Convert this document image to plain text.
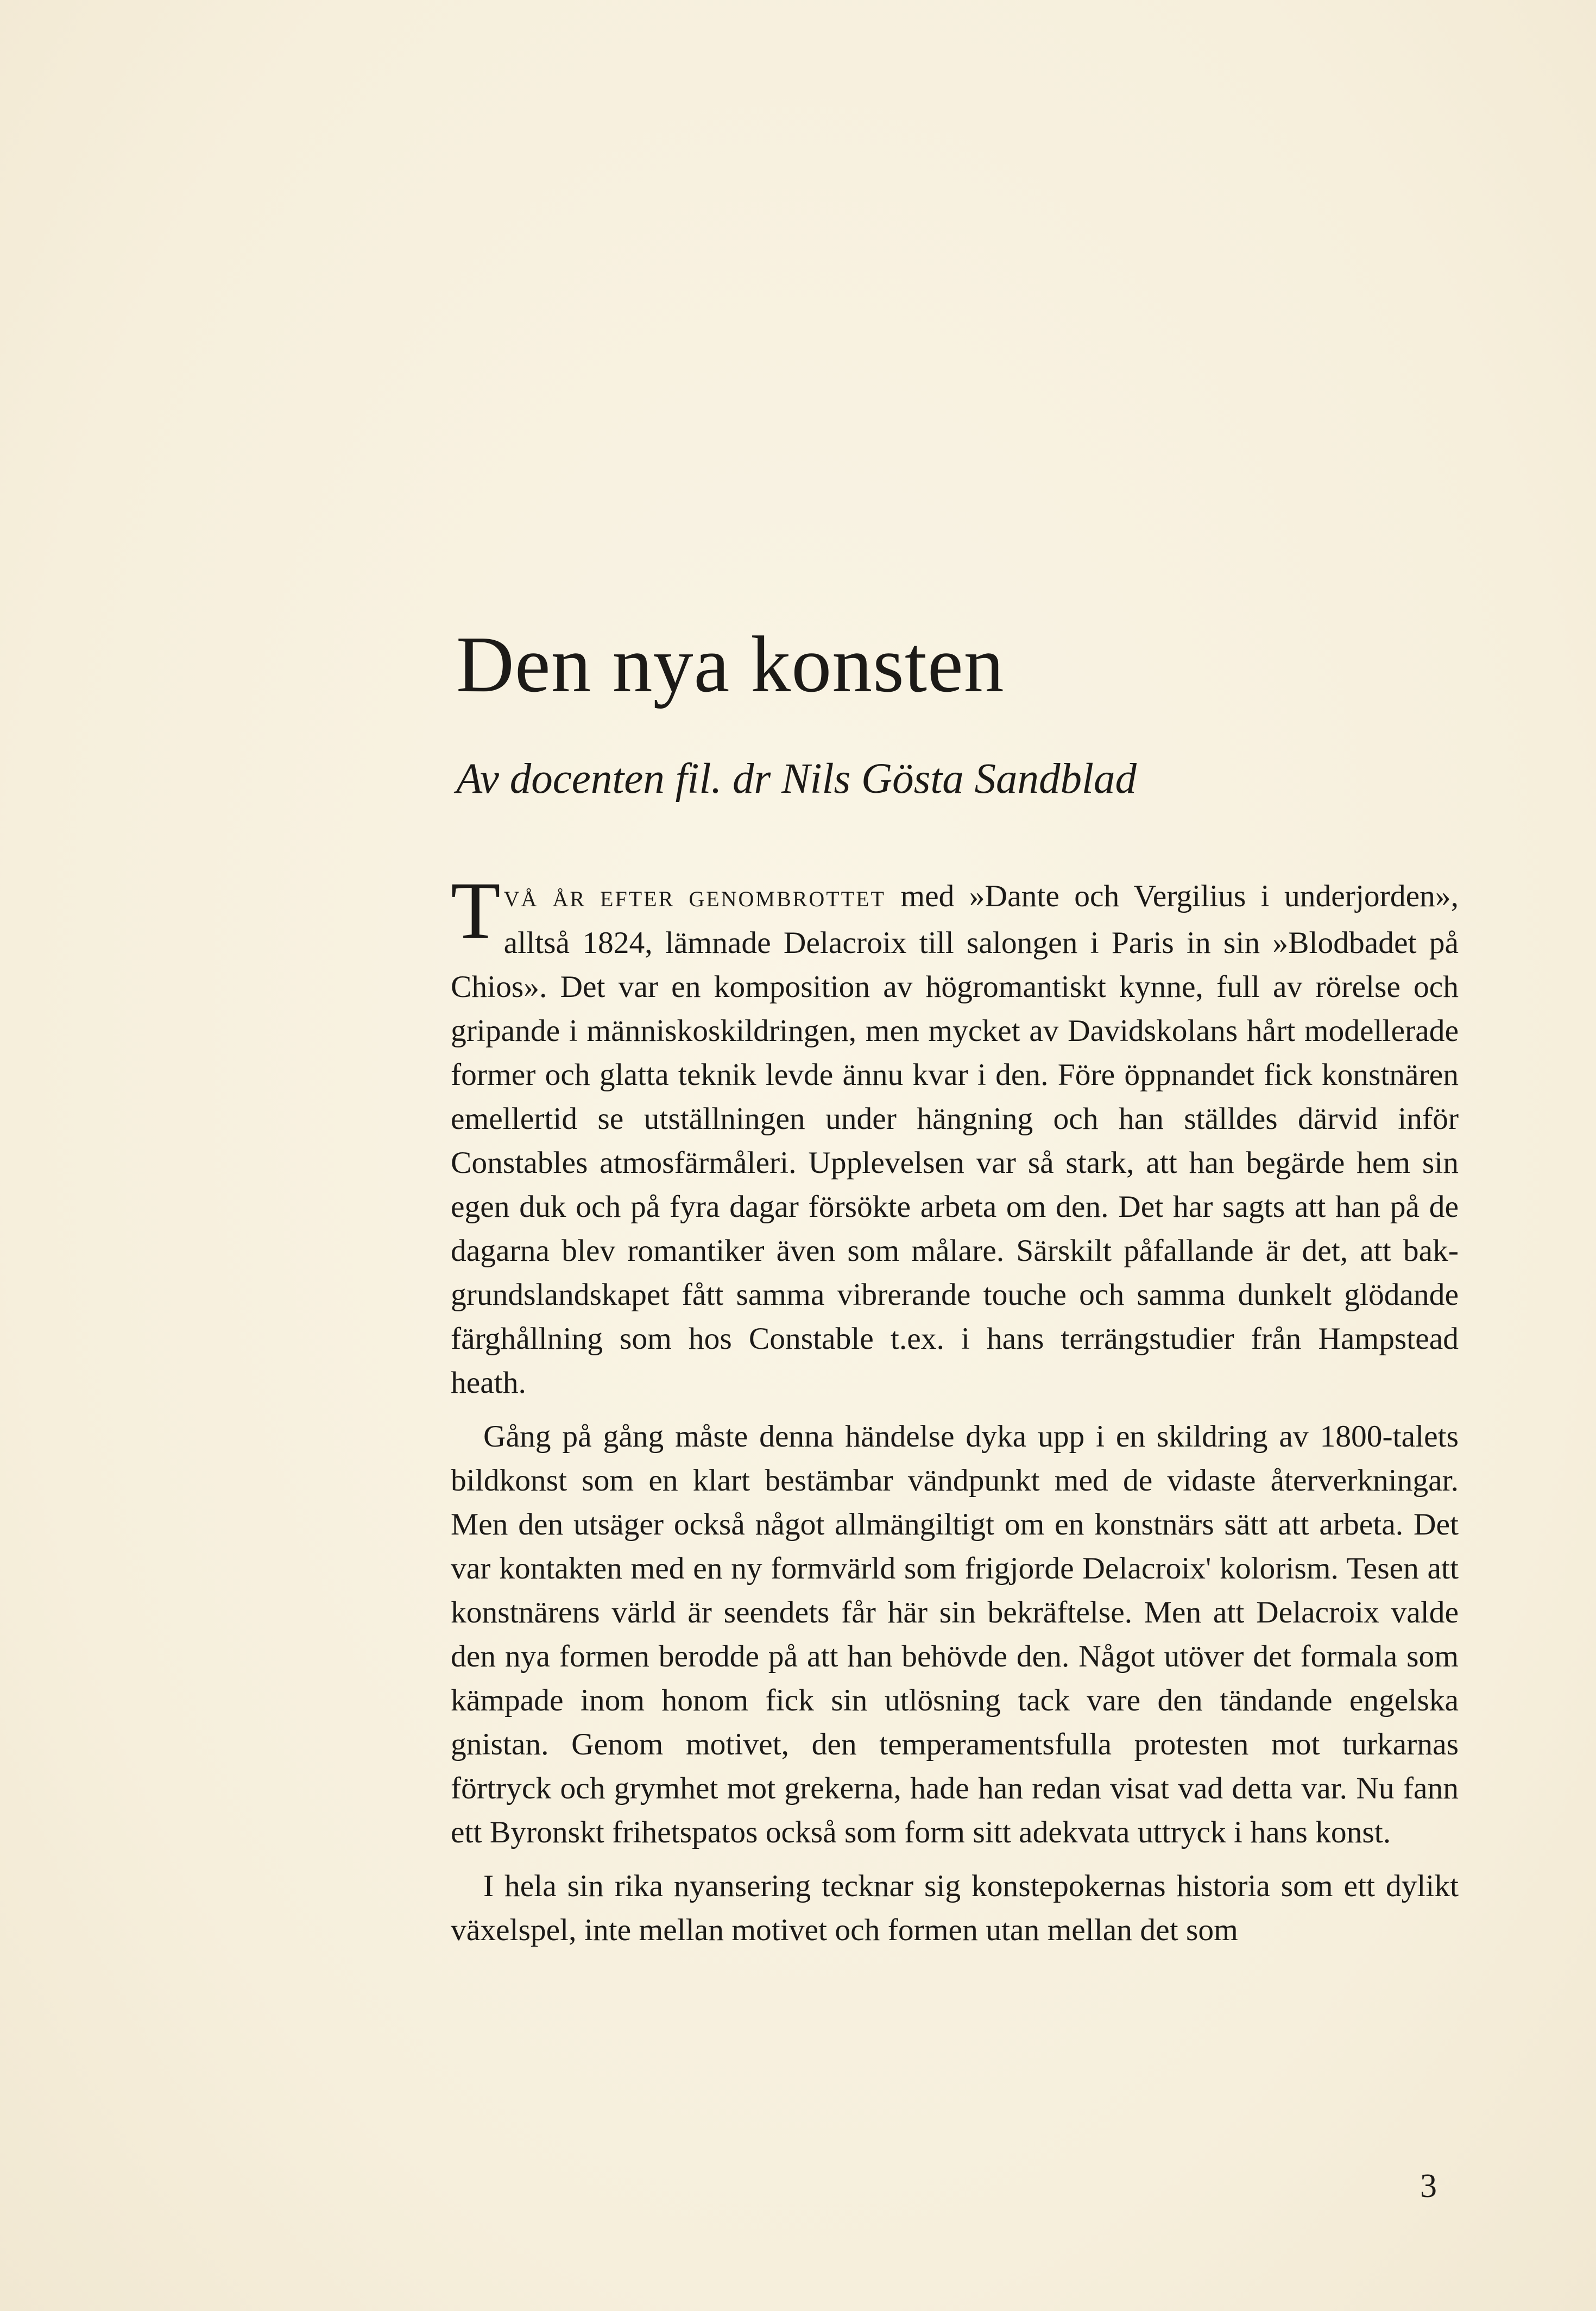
Den nya konsten
Av docenten fil. dr Nils Gösta Sandblad

TVÅ ÅR EFTER GENOMBROTTET med »Dante och Vergilius i underjorden», alltså 1824, lämnade Delacroix till salongen i Paris in sin »Blodbadet på Chios». Det var en komposition av högromantiskt kynne, full av rörelse och gripande i människoskildringen, men mycket av Davidskolans hårt modellerade former och glatta teknik levde ännu kvar i den. Före öppnandet fick konstnären emellertid se utställningen under hängning och han ställdes därvid inför Constables atmosfärmåleri. Upplevelsen var så stark, att han begärde hem sin egen duk och på fyra dagar försökte arbeta om den. Det har sagts att han på de dagarna blev romantiker även som målare. Särskilt påfallande är det, att bakgrundslandskapet fått samma vibrerande touche och samma dunkelt glödande färghållning som hos Constable t.ex. i hans terrängstudier från Hampstead heath.

Gång på gång måste denna händelse dyka upp i en skildring av 1800-talets bildkonst som en klart bestämbar vändpunkt med de vidaste återverkningar. Men den utsäger också något allmängiltigt om en konstnärs sätt att arbeta. Det var kontakten med en ny formvärld som frigjorde Delacroix' kolorism. Tesen att konstnärens värld är seendets får här sin bekräftelse. Men att Delacroix valde den nya formen berodde på att han behövde den. Något utöver det formala som kämpade inom honom fick sin utlösning tack vare den tändande engelska gnistan. Genom motivet, den temperamentsfulla protesten mot turkarnas förtryck och grymhet mot grekerna, hade han redan visat vad detta var. Nu fann ett Byronskt frihetspatos också som form sitt adekvata uttryck i hans konst.

I hela sin rika nyansering tecknar sig konstepokernas historia som ett dylikt växelspel, inte mellan motivet och formen utan mellan det som

3
